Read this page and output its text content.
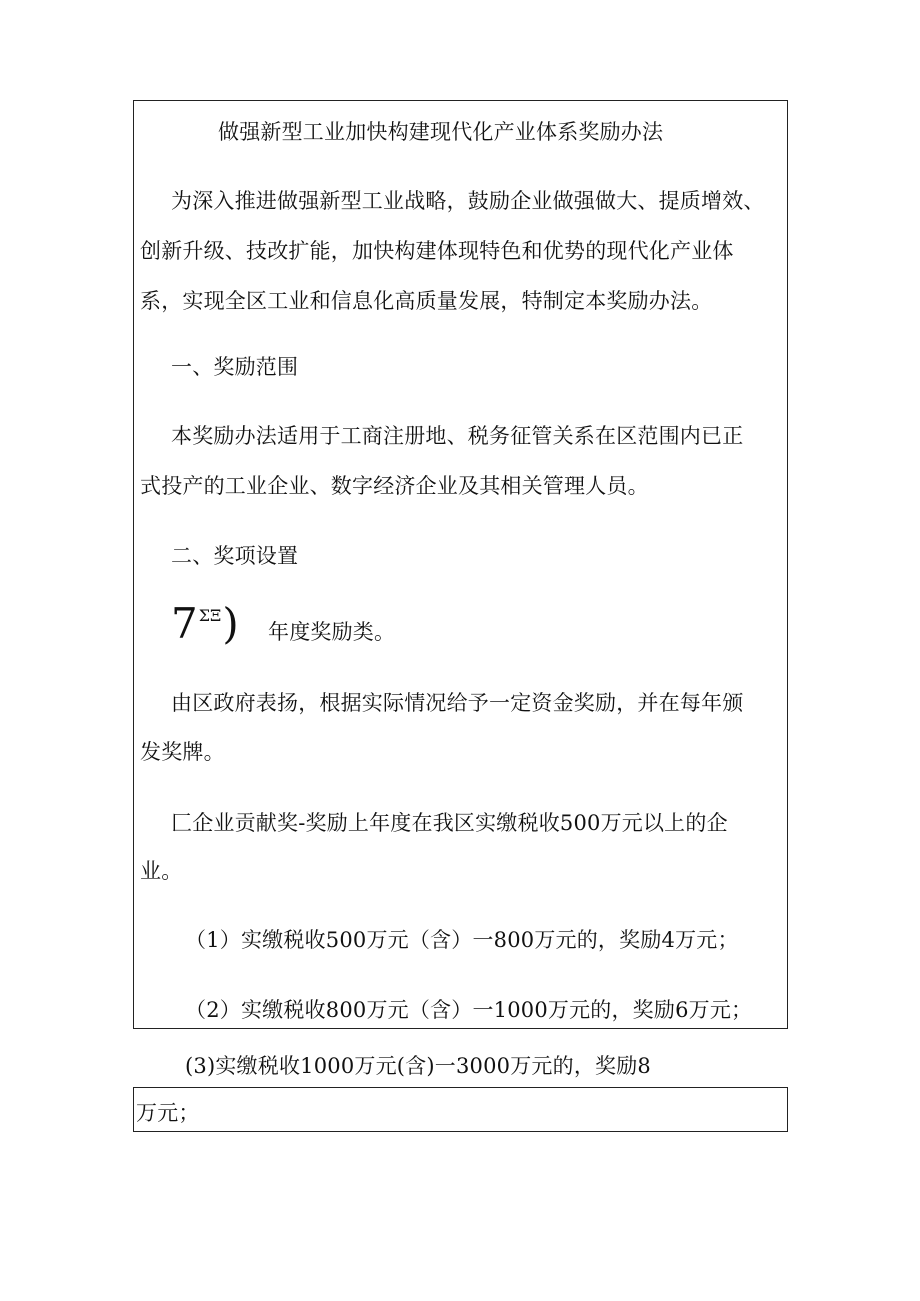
做强新型工业加快构建现代化产业体系奖励办法
为深入推进做强新型工业战略，鼓励企业做强做大、提质增效、
创新升级、技改扩能，加快构建体现特色和优势的现代化产业体
系，实现全区工业和信息化高质量发展，特制定本奖励办法。
一、奖励范围
本奖励办法适用于工商注册地、税务征管关系在区范围内已正
式投产的工业企业、数字经济企业及其相关管理人员。
二、奖项设置
7ΣΞ) 年度奖励类。
由区政府表扬，根据实际情况给予一定资金奖励，并在每年颁
发奖牌。
匚企业贡献奖-奖励上年度在我区实缴税收500万元以上的企
业。
（1）实缴税收500万元（含）一800万元的，奖励4万元；
（2）实缴税收800万元（含）一1000万元的，奖励6万元；
(3)实缴税收1000万元(含)一3000万元的，奖励8
万元；
